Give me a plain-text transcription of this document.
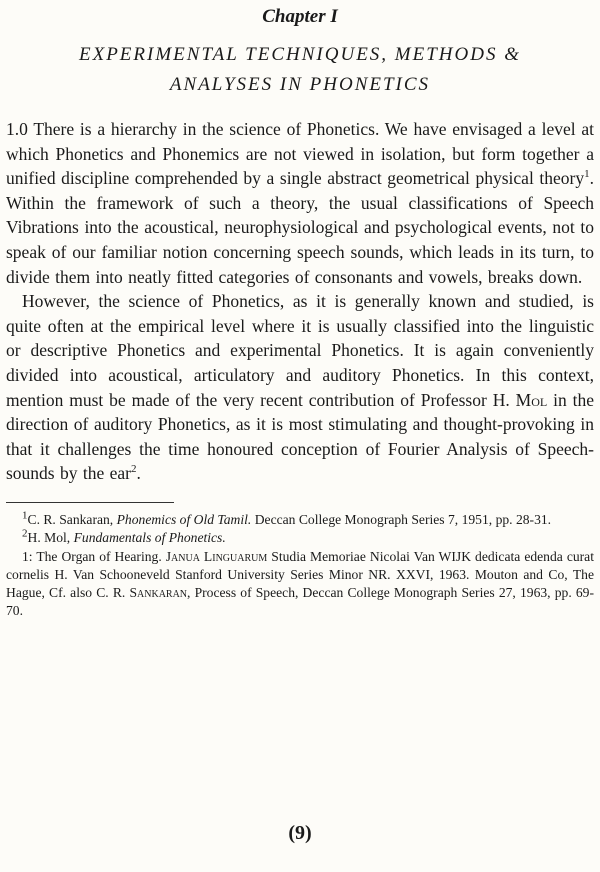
Chapter I
EXPERIMENTAL TECHNIQUES, METHODS &
ANALYSES IN PHONETICS

1.0 There is a hierarchy in the science of Phonetics. We have envisaged a level at which Phonetics and Phonemics are not viewed in isolation, but form together a unified discipline comprehended by a single abstract geometrical physical theory$^1$. Within the framework of such a theory, the usual classifications of Speech Vibrations into the acoustical, neurophysiological and psychological events, not to speak of our familiar notion concerning speech sounds, which leads in its turn, to divide them into neatly fitted categories of consonants and vowels, breaks down.

However, the science of Phonetics, as it is generally known and studied, is quite often at the empirical level where it is usually classified into the linguistic or descriptive Phonetics and experimental Phonetics. It is again conveniently divided into acoustical, articulatory and auditory Phonetics. In this context, mention must be made of the very recent contribution of Professor H. Mol in the direction of auditory Phonetics, as it is most stimulating and thought-provoking in that it challenges the time honoured conception of Fourier Analysis of Speech-sounds by the ear$^2$.

$^1$C. R. Sankaran, Phonemics of Old Tamil. Deccan College Monograph Series 7, 1951, pp. 28-31.

$^2$H. Mol, Fundamentals of Phonetics.

1: The Organ of Hearing. Janua Linguarum Studia Memoriae Nicolai Van WIJK dedicata edenda curat cornelis H. Van Schooneveld Stanford University Series Minor NR. XXVI, 1963. Mouton and Co, The Hague, Cf. also C. R. Sankaran, Process of Speech, Deccan College Monograph Series 27, 1963, pp. 69-70.

(9)
